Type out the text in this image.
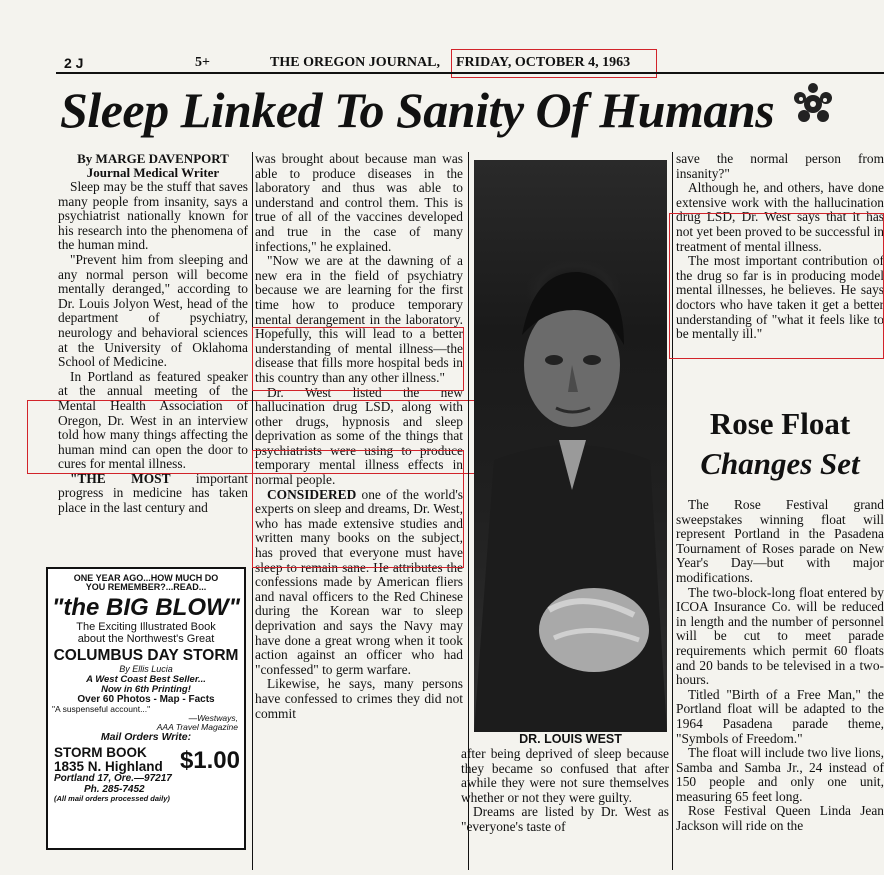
2 J	5+	THE OREGON JOURNAL, FRIDAY, OCTOBER 4, 1963
Sleep Linked To Sanity Of Humans
By MARGE DAVENPORT
Journal Medical Writer

Sleep may be the stuff that saves many people from insanity, says a psychiatrist nationally known for his research into the phenomena of the human mind.

"Prevent him from sleeping and any normal person will become mentally deranged," according to Dr. Louis Jolyon West, head of the department of psychiatry, neurology and behavioral sciences at the University of Oklahoma School of Medicine.

In Portland as featured speaker at the annual meeting of the Mental Health Association of Oregon, Dr. West in an interview told how many things affecting the human mind can open the door to cures for mental illness.

"THE MOST important progress in medicine has taken place in the last century and

ONE YEAR AGO...HOW MUCH DO
YOU REMEMBER?...READ...
"the BIG BLOW"
The Exciting Illustrated Book
about the Northwest's Great
COLUMBUS DAY STORM
By Ellis Lucia
A West Coast Best Seller...
Now in 6th Printing!
Over 60 Photos - Map - Facts
"A suspenseful account..."
—Westways,
AAA Travel Magazine
Mail Orders Write:
STORM BOOK
1835 N. Highland
Portland 17, Ore.—97217
Ph. 285-7452
(All mail orders processed daily)
$1.00

was brought about because man was able to produce diseases in the laboratory and thus was able to understand and control them. This is true of all of the vaccines developed and true in the case of many infections," he explained.

"Now we are at the dawning of a new era in the field of psychiatry because we are learning for the first time how to produce temporary mental derangement in the laboratory. Hopefully, this will lead to a better understanding of mental illness—the disease that fills more hospital beds in this country than any other illness."

Dr. West listed the new hallucination drug LSD, along with other drugs, hypnosis and sleep deprivation as some of the things that psychiatrists were using to produce temporary mental illness effects in normal people.

CONSIDERED one of the world's experts on sleep and dreams, Dr. West, who has made extensive studies and written many books on the subject, has proved that everyone must have sleep to remain sane. He attributes the confessions made by American fliers and naval officers to the Red Chinese during the Korean war to sleep deprivation and says the Navy may have done a great wrong when it took action against an officer who had "confessed" to germ warfare.

Likewise, he says, many persons have confessed to crimes they did not commit

DR. LOUIS WEST

after being deprived of sleep because they became so confused that after awhile they were not sure themselves whether or not they were guilty.

Dreams are listed by Dr. West as "everyone's taste of

save the normal person from insanity?"

Although he, and others, have done extensive work with the hallucination drug LSD, Dr. West says that it has not yet been proved to be successful in treatment of mental illness.

The most important contribution of the drug so far is in producing model mental illnesses, he believes. He says doctors who have taken it get a better understanding of "what it feels like to be mentally ill."

Rose Float
Changes Set

The Rose Festival grand sweepstakes winning float will represent Portland in the Pasadena Tournament of Roses parade on New Year's Day—but with major modifications.

The two-block-long float entered by ICOA Insurance Co. will be reduced in length and the number of personnel will be cut to meet parade requirements which permit 60 floats and 20 bands to be televised in a two-hours.

Titled "Birth of a Free Man," the Portland float will be adapted to the 1964 Pasadena parade theme, "Symbols of Freedom."

The float will include two live lions, Samba and Samba Jr., 24 instead of 150 people and only one unit, measuring 65 feet long.

Rose Festival Queen Linda Jean Jackson will ride on the
